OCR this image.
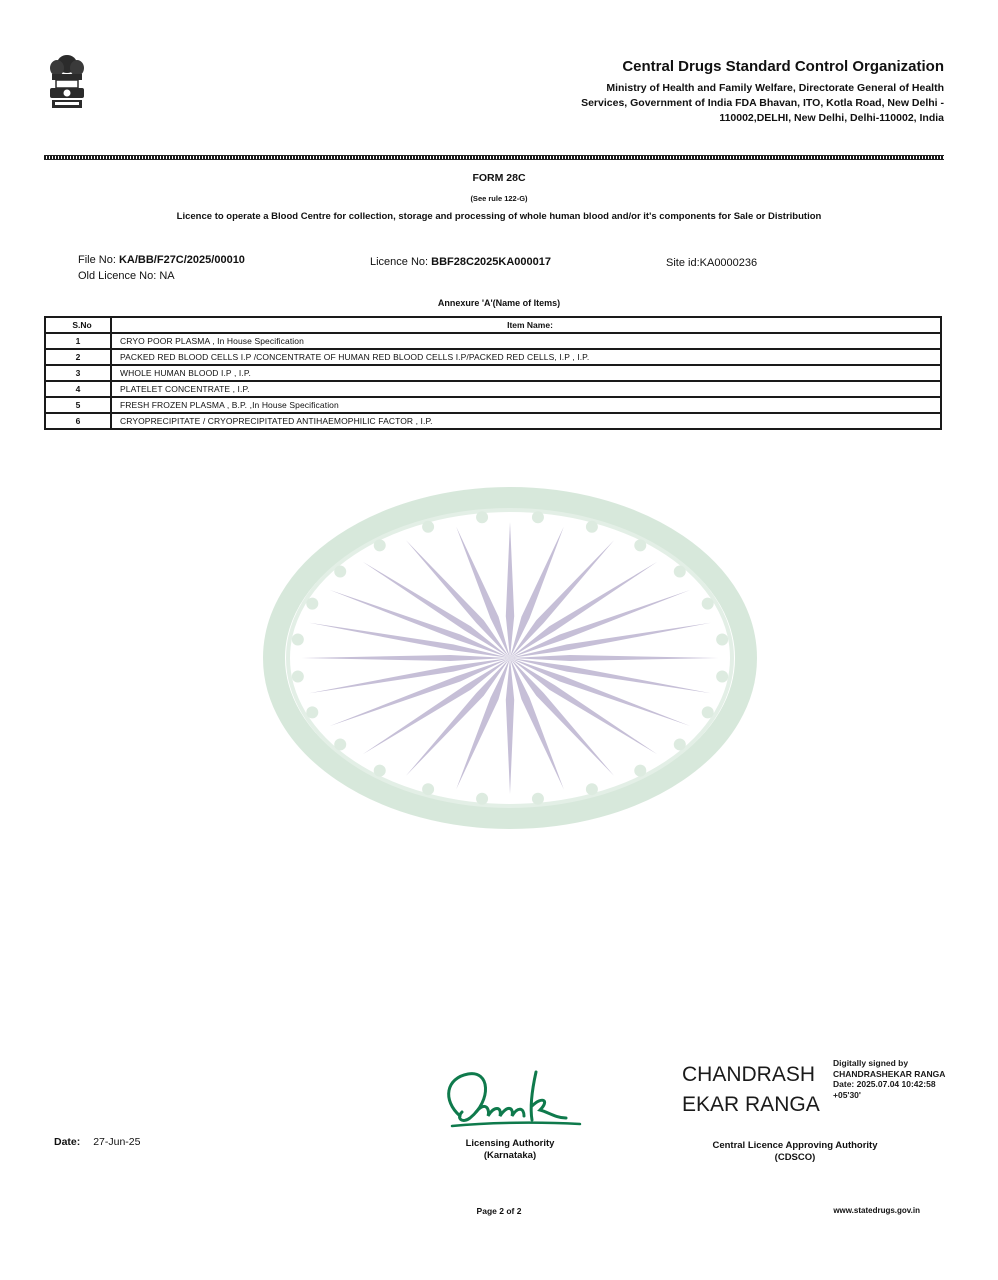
Central Drugs Standard Control Organization

Ministry of Health and Family Welfare, Directorate General of Health
Services, Government of India FDA Bhavan, ITO, Kotla Road, New Delhi -
110002,DELHI, New Delhi, Delhi-110002, India

FORM 28C
(See rule 122-G)
Licence to operate a Blood Centre for collection, storage and processing of whole human blood and/or it's components for Sale or Distribution
File No: KA/BB/F27C/2025/00010
Old Licence No: NA
Licence No: BBF28C2025KA000017	Site id:KA0000236
Annexure 'A'(Name of Items)
S.No	Item Name:
1	CRYO POOR PLASMA , In House Specification
2	PACKED RED BLOOD CELLS I.P /CONCENTRATE OF HUMAN RED BLOOD CELLS I.P/PACKED RED CELLS, I.P , I.P.
3	WHOLE HUMAN BLOOD I.P , I.P.
4	PLATELET CONCENTRATE , I.P.
5	FRESH FROZEN PLASMA , B.P. ,In House Specification
6	CRYOPRECIPITATE / CRYOPRECIPITATED ANTIHAEMOPHILIC FACTOR , I.P.
Date: 27-Jun-25	Licensing Authority
(Karnataka)
CHANDRASH
EKAR RANGA
Digitally signed by
CHANDRASHEKAR RANGA
Date: 2025.07.04 10:42:58
+05'30'
Central Licence Approving Authority
(CDSCO)
Page 2 of 2	www.statedrugs.gov.in
